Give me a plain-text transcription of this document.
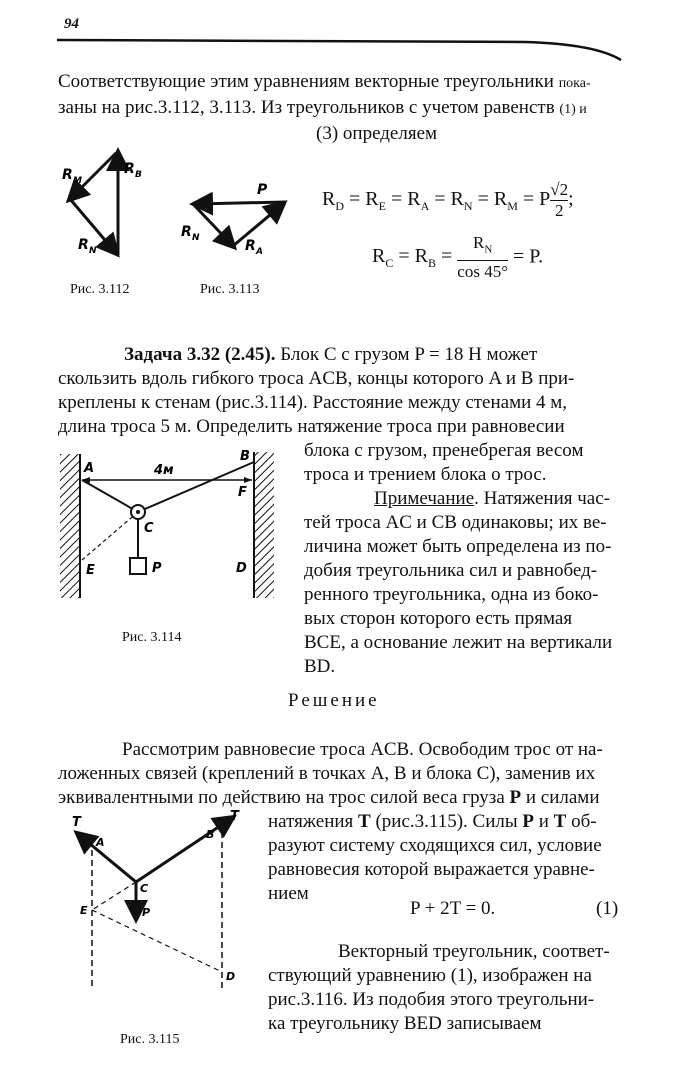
94
Соответствующие этим уравнениям векторные треугольники пока-
заны на рис.3.112, 3.113. Из треугольников с учетом равенств (1) и
(3) определяем
R M
R B
R N
Рис. 3.112
P
R N	R A
Рис. 3.113
$R_D = R_E = R_A = R_N = R_M = P \frac{√2}{2}$ ;
$R_C = R_B = \frac{R_N}{\cos 45^\circ} = P$.
Задача 3.32 (2.45). Блок С с грузом P = 18 Н может
скользить вдоль гибкого троса ACB, концы которого A и B при-
креплены к стенам (рис.3.114). Расстояние между стенами 4 м,
длина троса 5 м. Определить натяжение троса при равновесии
блока с грузом, пренебрегая весом
троса и трением блока о трос.
Примечание. Натяжения час-
тей троса AC и CB одинаковы; их ве-
личина может быть определена из по-
добия треугольника сил и равнобед-
ренного треугольника, одна из боко-
вых сторон которого есть прямая
BCE, а основание лежит на вертикали
BD.
A	4м
B
F
C
E	P	D
Рис. 3.114
Решение
Рассмотрим равновесие троса ACB. Освободим трос от на-
ложенных связей (креплений в точках A, B и блока C), заменив их
эквивалентными по действию на трос силой веса груза P и силами
натяжения T (рис.3.115). Силы P и T об-
разуют систему сходящихся сил, условие
равновесия которой выражается уравне-
нием
P + 2T = 0.	(1)
Векторный треугольник, соответ-
ствующий уравнению (1), изображен на
рис.3.116. Из подобия этого треугольни-
ка треугольнику BED записываем
T
A
B
T
C
E	P
D
Рис. 3.115
